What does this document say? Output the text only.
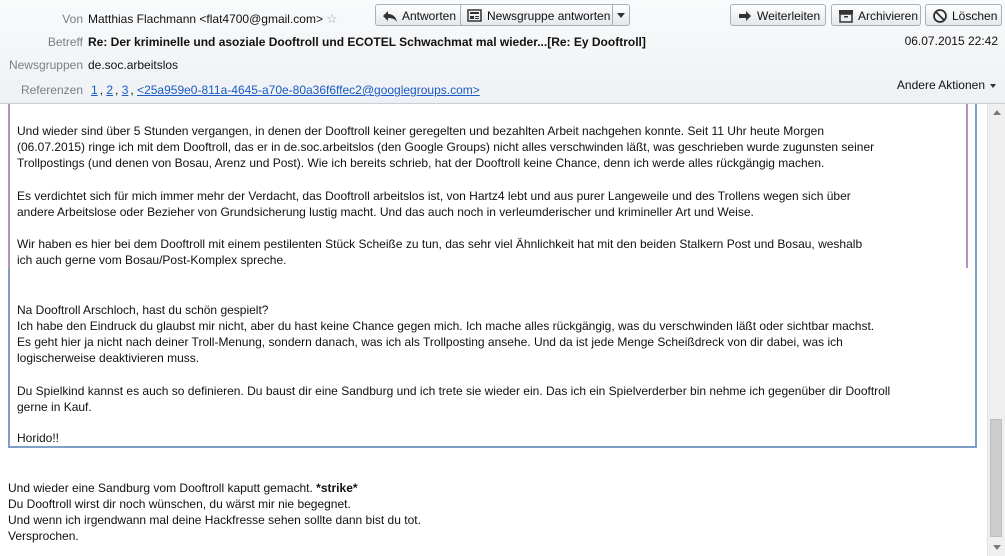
Von Matthias Flachmann <flat4700@gmail.com> ☆	Antworten	Newsgruppe antworten	Weiterleiten	Archivieren	Löschen
Betreff Re: Der kriminelle und asoziale Dooftroll und ECOTEL Schwachmat mal wieder...[Re: Ey Dooftroll]	06.07.2015 22:42
Newsgruppen de.soc.arbeitslos
Referenzen 1 , 2 , 3 , <25a959e0-811a-4645-a70e-80a36f6ffec2@googlegroups.com>	Andere Aktionen
Und wieder sind über 5 Stunden vergangen, in denen der Dooftroll keiner geregelten und bezahlten Arbeit nachgehen konnte. Seit 11 Uhr heute Morgen
(06.07.2015) ringe ich mit dem Dooftroll, das er in de.soc.arbeitslos (den Google Groups) nicht alles verschwinden läßt, was geschrieben wurde zugunsten seiner
Trollpostings (und denen von Bosau, Arenz und Post). Wie ich bereits schrieb, hat der Dooftroll keine Chance, denn ich werde alles rückgängig machen.
Es verdichtet sich für mich immer mehr der Verdacht, das Dooftroll arbeitslos ist, von Hartz4 lebt und aus purer Langeweile und des Trollens wegen sich über
andere Arbeitslose oder Bezieher von Grundsicherung lustig macht. Und das auch noch in verleumderischer und krimineller Art und Weise.
Wir haben es hier bei dem Dooftroll mit einem pestilenten Stück Scheiße zu tun, das sehr viel Ähnlichkeit hat mit den beiden Stalkern Post und Bosau, weshalb
ich auch gerne vom Bosau/Post-Komplex spreche.
Na Dooftroll Arschloch, hast du schön gespielt?
Ich habe den Eindruck du glaubst mir nicht, aber du hast keine Chance gegen mich. Ich mache alles rückgängig, was du verschwinden läßt oder sichtbar machst.
Es geht hier ja nicht nach deiner Troll-Menung, sondern danach, was ich als Trollposting ansehe. Und da ist jede Menge Scheißdreck von dir dabei, was ich
logischerweise deaktivieren muss.
Du Spielkind kannst es auch so definieren. Du baust dir eine Sandburg und ich trete sie wieder ein. Das ich ein Spielverderber bin nehme ich gegenüber dir Dooftroll
gerne in Kauf.
Horido!!
Und wieder eine Sandburg vom Dooftroll kaputt gemacht. *strike*
Du Dooftroll wirst dir noch wünschen, du wärst mir nie begegnet.
Und wenn ich irgendwann mal deine Hackfresse sehen sollte dann bist du tot.
Versprochen.
